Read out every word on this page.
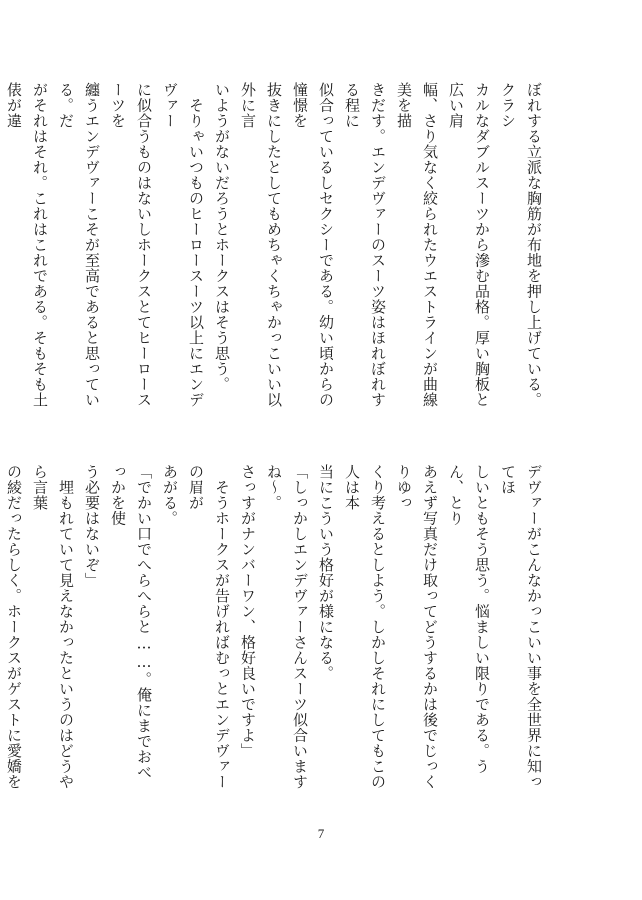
ぼれする立派な胸筋が布地を押し上げている。クラシ
カルなダブルスーツから滲む品格。厚い胸板と広い肩
幅、さり気なく絞られたウエストラインが曲線美を描
きだす。エンデヴァーのスーツ姿はほれぼれする程に
似合っているしセクシーである。幼い頃からの憧憬を
抜きにしたとしてもめちゃくちゃかっこいい以外に言
いようがないだろうとホークスはそう思う。
　そりゃいつものヒーロースーツ以上にエンデヴァー
に似合うものはないしホークスとてヒーロースーツを
纏うエンデヴァーこそが至高であると思っている。だ
がそれはそれ。これはこれである。そもそも土俵が違

デヴァーがこんなかっこいい事を全世界に知ってほ
しいともそう思う。悩ましい限りである。うん、とり
あえず写真だけ取ってどうするかは後でじっくりゆっ
くり考えるとしよう。しかしそれにしてもこの人は本
当にこういう格好が様になる。
「しっかしエンデヴァーさんスーツ似合いますね～。
さっすがナンバーワン、格好良いですよ」
　そうホークスが告げればむっとエンデヴァーの眉が
あがる。
「でかい口でへらへらと……。俺にまでおべっかを使
う必要はないぞ」
　埋もれていて見えなかったというのはどうやら言葉
の綾だったらしく。ホークスがゲストに愛嬌を

7
